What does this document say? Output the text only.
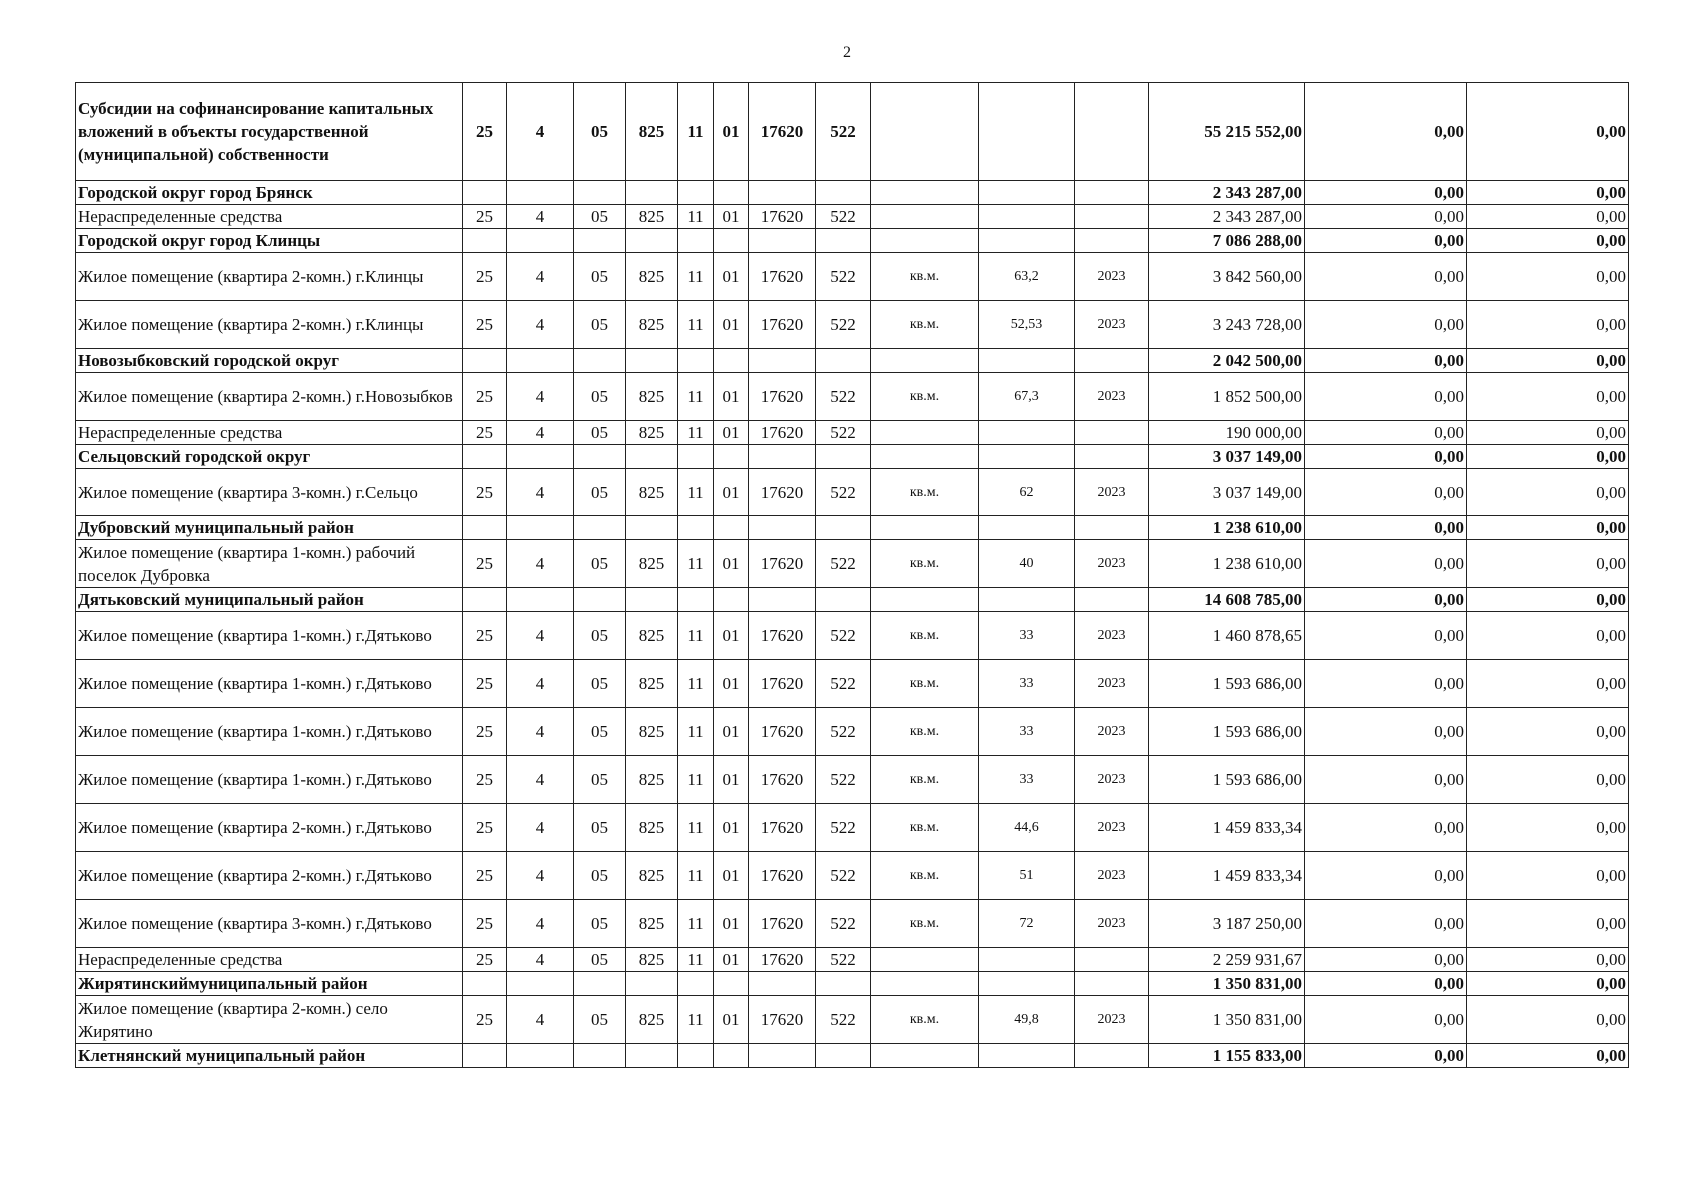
2
Субсидии на софинансирование капитальных вложений в объекты государственной (муниципальной) собственности	25	4	05	825	11	01	17620	522				55 215 552,00	0,00	0,00
Городской округ город Брянск												2 343 287,00	0,00	0,00
Нераспределенные средства	25	4	05	825	11	01	17620	522				2 343 287,00	0,00	0,00
Городской округ город Клинцы												7 086 288,00	0,00	0,00
Жилое помещение (квартира 2-комн.) г.Клинцы	25	4	05	825	11	01	17620	522	кв.м.	63,2	2023	3 842 560,00	0,00	0,00
Жилое помещение (квартира 2-комн.) г.Клинцы	25	4	05	825	11	01	17620	522	кв.м.	52,53	2023	3 243 728,00	0,00	0,00
Новозыбковский городской округ												2 042 500,00	0,00	0,00
Жилое помещение (квартира 2-комн.) г.Новозыбков	25	4	05	825	11	01	17620	522	кв.м.	67,3	2023	1 852 500,00	0,00	0,00
Нераспределенные средства	25	4	05	825	11	01	17620	522				190 000,00	0,00	0,00
Сельцовский городской округ												3 037 149,00	0,00	0,00
Жилое помещение (квартира 3-комн.) г.Сельцо	25	4	05	825	11	01	17620	522	кв.м.	62	2023	3 037 149,00	0,00	0,00
Дубровский муниципальный район												1 238 610,00	0,00	0,00
Жилое помещение (квартира 1-комн.) рабочий поселок Дубровка	25	4	05	825	11	01	17620	522	кв.м.	40	2023	1 238 610,00	0,00	0,00
Дятьковский муниципальный район												14 608 785,00	0,00	0,00
Жилое помещение (квартира 1-комн.) г.Дятьково	25	4	05	825	11	01	17620	522	кв.м.	33	2023	1 460 878,65	0,00	0,00
Жилое помещение (квартира 1-комн.) г.Дятьково	25	4	05	825	11	01	17620	522	кв.м.	33	2023	1 593 686,00	0,00	0,00
Жилое помещение (квартира 1-комн.) г.Дятьково	25	4	05	825	11	01	17620	522	кв.м.	33	2023	1 593 686,00	0,00	0,00
Жилое помещение (квартира 1-комн.) г.Дятьково	25	4	05	825	11	01	17620	522	кв.м.	33	2023	1 593 686,00	0,00	0,00
Жилое помещение (квартира 2-комн.) г.Дятьково	25	4	05	825	11	01	17620	522	кв.м.	44,6	2023	1 459 833,34	0,00	0,00
Жилое помещение (квартира 2-комн.) г.Дятьково	25	4	05	825	11	01	17620	522	кв.м.	51	2023	1 459 833,34	0,00	0,00
Жилое помещение (квартира 3-комн.) г.Дятьково	25	4	05	825	11	01	17620	522	кв.м.	72	2023	3 187 250,00	0,00	0,00
Нераспределенные средства	25	4	05	825	11	01	17620	522				2 259 931,67	0,00	0,00
Жирятинскиймуниципальный район												1 350 831,00	0,00	0,00
Жилое помещение (квартира 2-комн.) село Жирятино	25	4	05	825	11	01	17620	522	кв.м.	49,8	2023	1 350 831,00	0,00	0,00
Клетнянский муниципальный район												1 155 833,00	0,00	0,00
